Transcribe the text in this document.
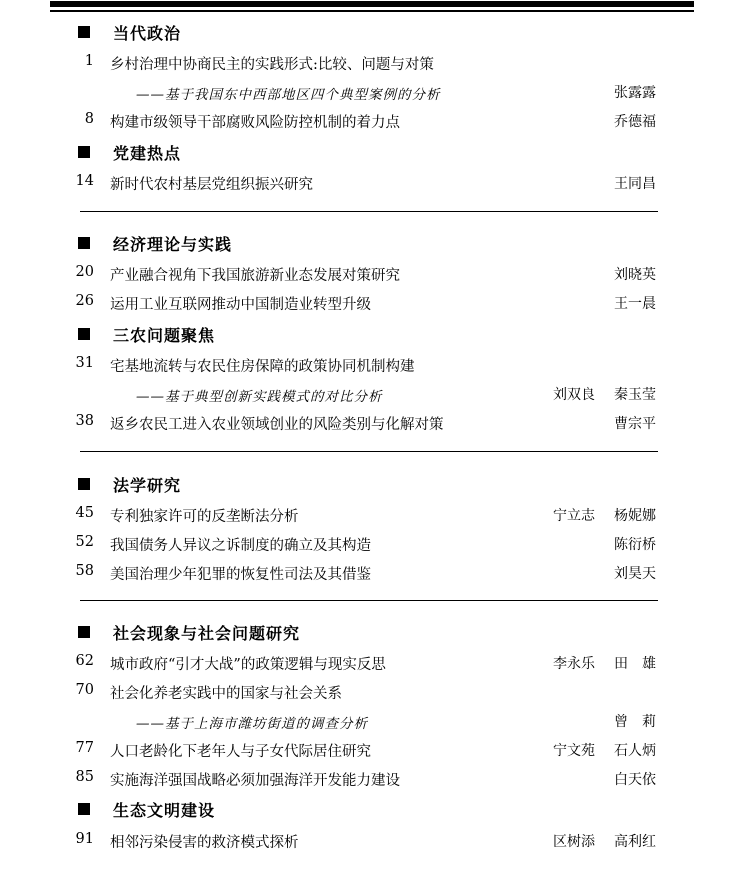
当代政治
1 乡村治理中协商民主的实践形式:比较、问题与对策
——基于我国东中西部地区四个典型案例的分析	张露露
8 构建市级领导干部腐败风险防控机制的着力点	乔德福
党建热点
14 新时代农村基层党组织振兴研究	王同昌
经济理论与实践
20 产业融合视角下我国旅游新业态发展对策研究	刘晓英
26 运用工业互联网推动中国制造业转型升级	王一晨
三农问题聚焦
31 宅基地流转与农民住房保障的政策协同机制构建
——基于典型创新实践模式的对比分析	刘双良 秦玉莹
38 返乡农民工进入农业领域创业的风险类别与化解对策	曹宗平
法学研究
45 专利独家许可的反垄断法分析	宁立志 杨妮娜
52 我国债务人异议之诉制度的确立及其构造	陈衍桥
58 美国治理少年犯罪的恢复性司法及其借鉴	刘昊天
社会现象与社会问题研究
62 城市政府“引才大战”的政策逻辑与现实反思	李永乐 田　雄
70 社会化养老实践中的国家与社会关系
——基于上海市潍坊街道的调查分析	曾　莉
77 人口老龄化下老年人与子女代际居住研究	宁文苑 石人炳
85 实施海洋强国战略必须加强海洋开发能力建设	白天依
生态文明建设
91 相邻污染侵害的救济模式探析	区树添 高利红
